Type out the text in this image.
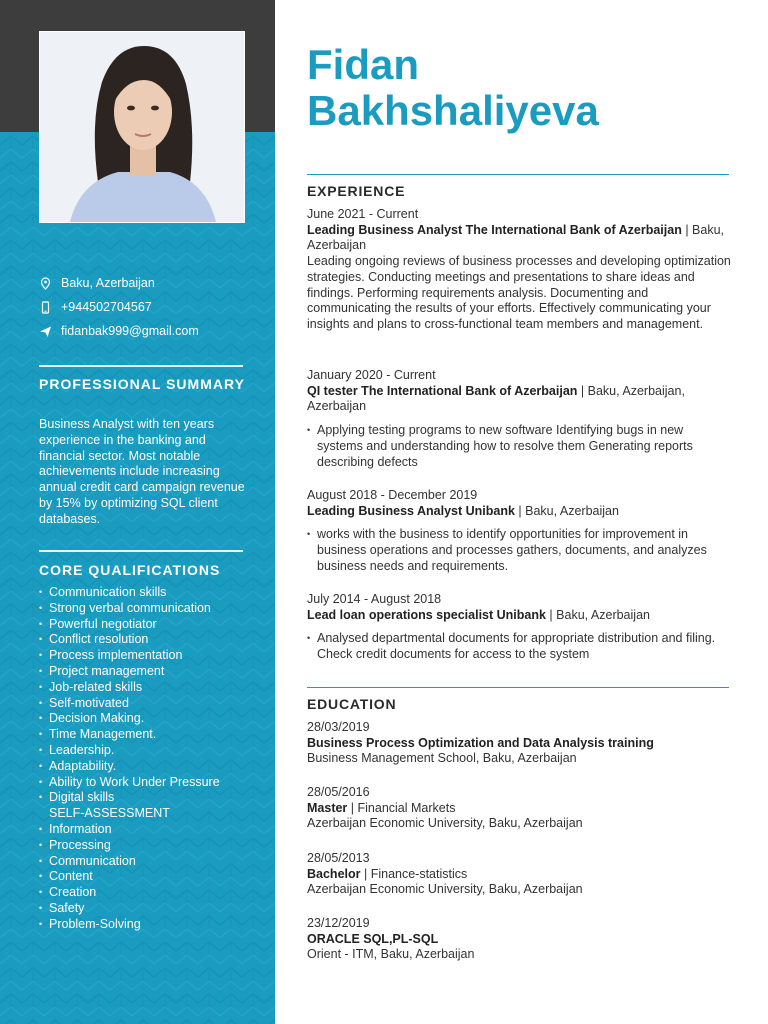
Baku, Azerbaijan
+944502704567
fidanbak999@gmail.com
PROFESSIONAL SUMMARY
Business Analyst with ten years experience in the banking and financial sector. Most notable achievements include increasing annual credit card campaign revenue by 15% by optimizing SQL client databases.
CORE QUALIFICATIONS
• Communication skills
• Strong verbal communication
• Powerful negotiator
• Conflict resolution
• Process implementation
• Project management
• Job-related skills
• Self-motivated
• Decision Making.
• Time Management.
• Leadership.
• Adaptability.
• Ability to Work Under Pressure
• Digital skills
SELF-ASSESSMENT
• Information
• Processing
• Communication
• Content
• Creation
• Safety
• Problem-Solving
Fidan
Bakhshaliyeva
EXPERIENCE
June 2021 - Current
Leading Business Analyst The International Bank of Azerbaijan | Baku, Azerbaijan
Leading ongoing reviews of business processes and developing optimization strategies. Conducting meetings and presentations to share ideas and findings. Performing requirements analysis. Documenting and communicating the results of your efforts. Effectively communicating your insights and plans to cross-functional team members and management.
January 2020 - Current
QI tester The International Bank of Azerbaijan | Baku, Azerbaijan, Azerbaijan
• Applying testing programs to new software Identifying bugs in new systems and understanding how to resolve them Generating reports describing defects
August 2018 - December 2019
Leading Business Analyst Unibank | Baku, Azerbaijan
• works with the business to identify opportunities for improvement in business operations and processes gathers, documents, and analyzes business needs and requirements.
July 2014 - August 2018
Lead loan operations specialist Unibank | Baku, Azerbaijan
• Analysed departmental documents for appropriate distribution and filing. Check credit documents for access to the system
EDUCATION
28/03/2019
Business Process Optimization and Data Analysis training
Business Management School, Baku, Azerbaijan
28/05/2016
Master | Financial Markets
Azerbaijan Economic University, Baku, Azerbaijan
28/05/2013
Bachelor | Finance-statistics
Azerbaijan Economic University, Baku, Azerbaijan
23/12/2019
ORACLE SQL,PL-SQL
Orient - ITM, Baku, Azerbaijan
